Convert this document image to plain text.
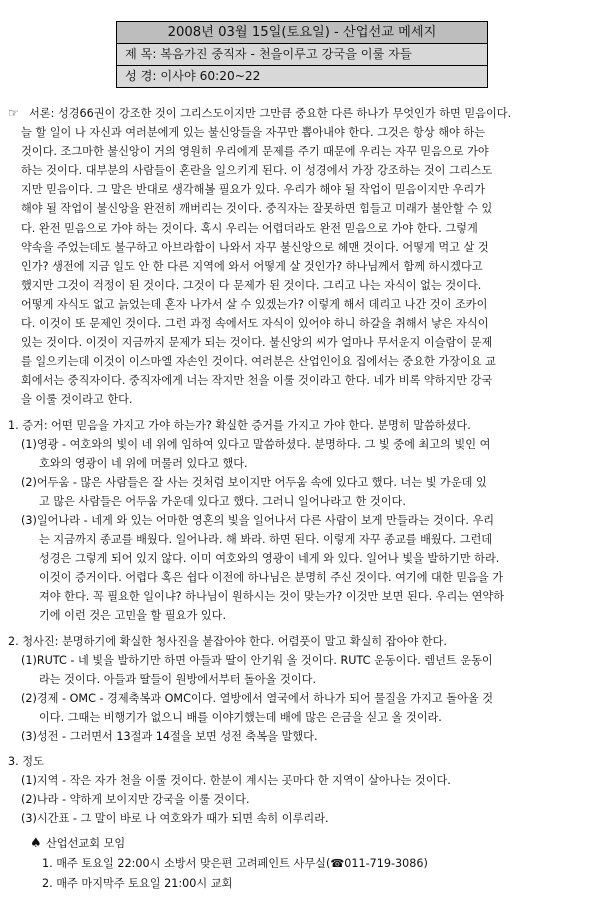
2008년 03월 15일(토요일) - 산업선교 메세지
제 목: 복음가진 중직자 - 천을이루고 강국을 이룰 자들
성 경: 이사야 60:20~22
☞ 서론: 성경66권이 강조한 것이 그리스도이지만 그만큼 중요한 다른 하나가 무엇인가 하면 믿음이다.
늘 할 일이 나 자신과 여러분에게 있는 불신앙들을 자꾸만 뽑아내야 한다. 그것은 항상 해야 하는
것이다. 조그마한 불신앙이 거의 영원히 우리에게 문제를 주기 때문에 우리는 자꾸 믿음으로 가야
하는 것이다. 대부분의 사람들이 혼란을 일으키게 된다. 이 성경에서 가장 강조하는 것이 그리스도
지만 믿음이다. 그 말은 반대로 생각해볼 필요가 있다. 우리가 해야 될 작업이 믿음이지만 우리가
해야 될 작업이 불신앙을 완전히 깨버리는 것이다. 중직자는 잘못하면 힘들고 미래가 불안할 수 있
다. 완전 믿음으로 가야 하는 것이다. 혹시 우리는 어렵더라도 완전 믿음으로 가야 한다. 그렇게
약속을 주었는데도 불구하고 아브라함이 나와서 자꾸 불신앙으로 헤맨 것이다. 어떻게 먹고 살 것
인가? 생전에 지금 일도 안 한 다른 지역에 와서 어떻게 살 것인가? 하나님께서 함께 하시겠다고
했지만 그것이 걱정이 된 것이다. 그것이 다 문제가 된 것이다. 그리고 나는 자식이 없는 것이다.
어떻게 자식도 없고 늙었는데 혼자 나가서 살 수 있겠는가? 이렇게 해서 데리고 나간 것이 조카이
다. 이것이 또 문제인 것이다. 그런 과정 속에서도 자식이 있어야 하니 하갈을 취해서 낳은 자식이
있는 것이다. 이것이 지금까지 문제가 되는 것이다. 불신앙의 씨가 얼마나 무서운지 이슬람이 문제
를 일으키는데 이것이 이스마엘 자손인 것이다. 여러분은 산업인이요 집에서는 중요한 가장이요 교
회에서는 중직자이다. 중직자에게 너는 작지만 천을 이룰 것이라고 한다. 네가 비록 약하지만 강국
을 이룰 것이라고 한다.
1. 증거: 어떤 믿음을 가지고 가야 하는가? 확실한 증거를 가지고 가야 한다. 분명히 말씀하셨다.
(1)영광 - 여호와의 빛이 네 위에 임하여 있다고 말씀하셨다. 분명하다. 그 빛 중에 최고의 빛인 여
호와의 영광이 네 위에 머물러 있다고 했다.
(2)어두움 - 많은 사람들은 잘 사는 것처럼 보이지만 어두움 속에 있다고 했다. 너는 빛 가운데 있
고 많은 사람들은 어두움 가운데 있다고 했다. 그러니 일어나라고 한 것이다.
(3)일어나라 - 네게 와 있는 어마한 영혼의 빛을 일어나서 다른 사람이 보게 만들라는 것이다. 우리
는 지금까지 종교를 배웠다. 일어나라. 해 봐라. 하면 된다. 이렇게 자꾸 종교를 배웠다. 그런데
성경은 그렇게 되어 있지 않다. 이미 여호와의 영광이 네게 와 있다. 일어나 빛을 발하기만 하라.
이것이 증거이다. 어렵다 혹은 쉽다 이전에 하나님은 분명히 주신 것이다. 여기에 대한 믿음을 가
져야 한다. 꼭 필요한 일이냐? 하나님이 원하시는 것이 맞는가? 이것만 보면 된다. 우리는 연약하
기에 이런 것은 고민을 할 필요가 있다.
2. 청사진: 분명하기에 확실한 청사진을 붙잡아야 한다. 어렴풋이 말고 확실히 잡아야 한다.
(1)RUTC - 네 빛을 발하기만 하면 아들과 딸이 안기워 올 것이다. RUTC 운동이다. 렘넌트 운동이
라는 것이다. 아들과 딸들이 원방에서부터 돌아올 것이다.
(2)경제 - OMC - 경제축복과 OMC이다. 열방에서 열국에서 하나가 되어 물질을 가지고 돌아올 것
이다. 그때는 비행기가 없으니 배를 이야기했는데 배에 많은 은금을 싣고 올 것이라.
(3)성전 - 그러면서 13절과 14절을 보면 성전 축복을 말했다.
3. 정도
(1)지역 - 작은 자가 천을 이룰 것이다. 한분이 계시는 곳마다 한 지역이 살아나는 것이다.
(2)나라 - 약하게 보이지만 강국을 이룰 것이다.
(3)시간표 - 그 말이 바로 나 여호와가 때가 되면 속히 이루리라.
♠ 산업선교회 모임
1. 매주 토요일 22:00시 소방서 맞은편 고려페인트 사무실(☎011-719-3086)
2. 매주 마지막주 토요일 21:00시 교회
